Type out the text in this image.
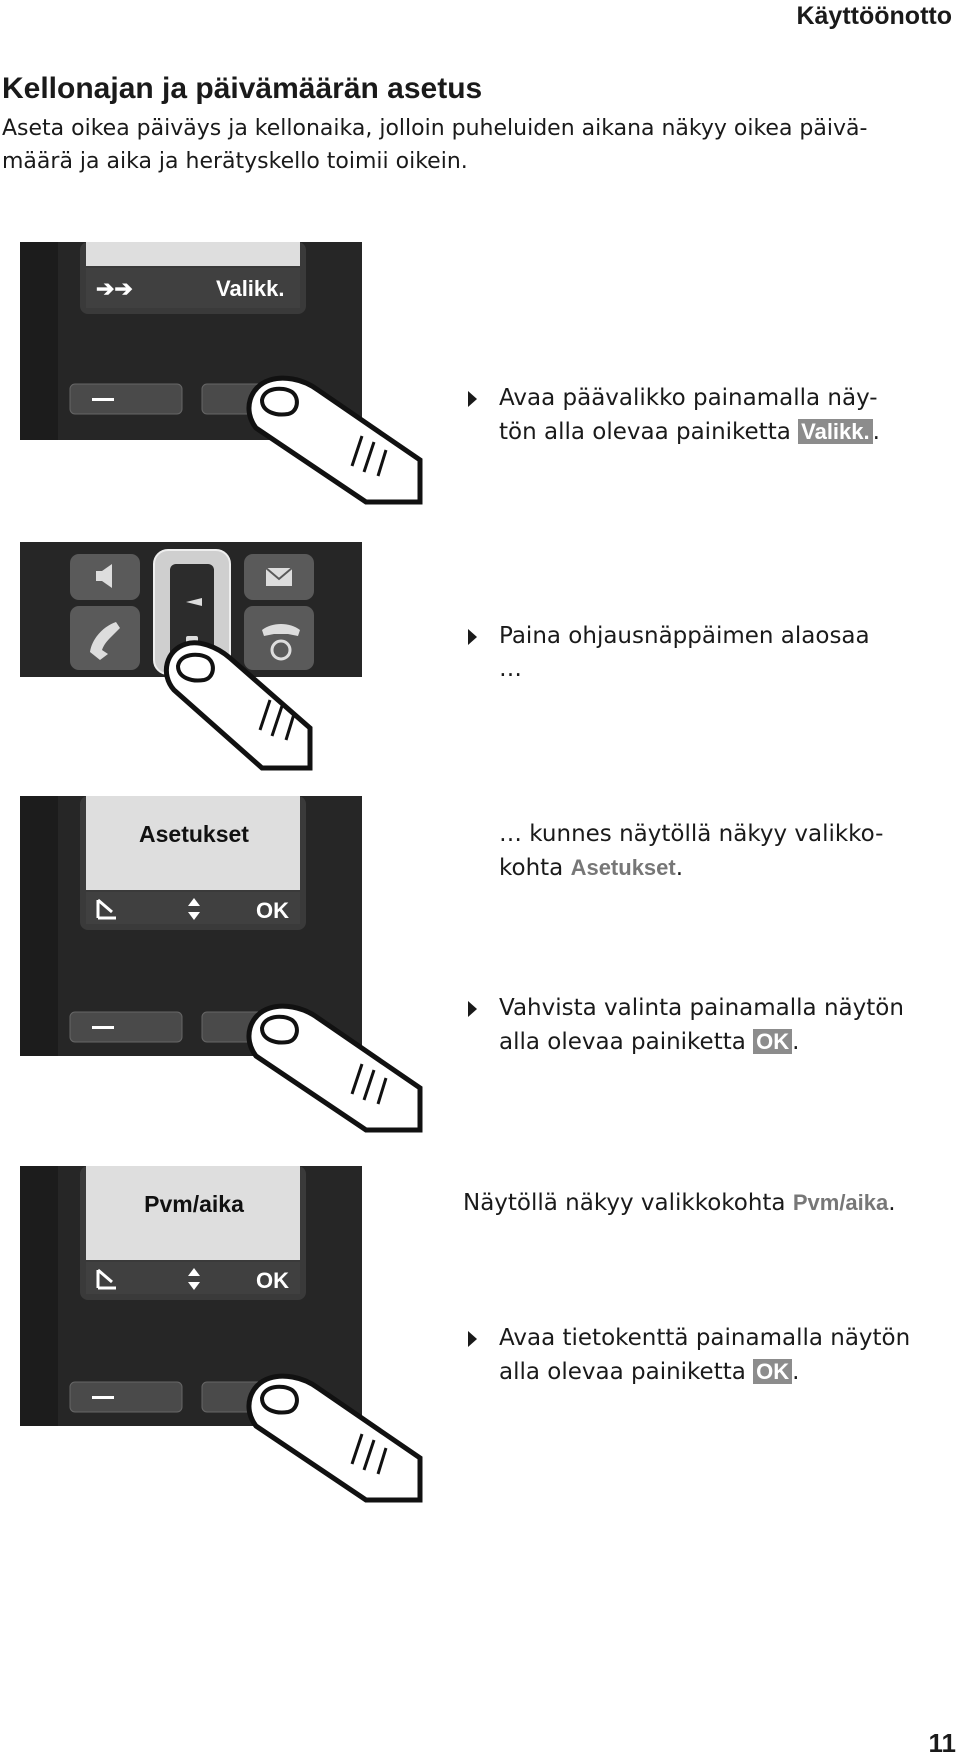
Käyttöönotto
Kellonajan ja päivämäärän asetus
Aseta oikea päiväys ja kellonaika, jolloin puheluiden aikana näkyy oikea päivä-
määrä ja aika ja herätyskello toimii oikein.
➔➔	Valikk.
Asetukset
OK
Pvm/aika
OK
Avaa päävalikko painamalla näy-
tön alla olevaa painiketta Valikk. .
Paina ohjausnäppäimen alaosaa
…
… kunnes näytöllä näkyy valikko-
kohta Asetukset.
Vahvista valinta painamalla näytön
alla olevaa painiketta OK .
Näytöllä näkyy valikkokohta Pvm/aika.
Avaa tietokenttä painamalla näytön
alla olevaa painiketta OK .
11
